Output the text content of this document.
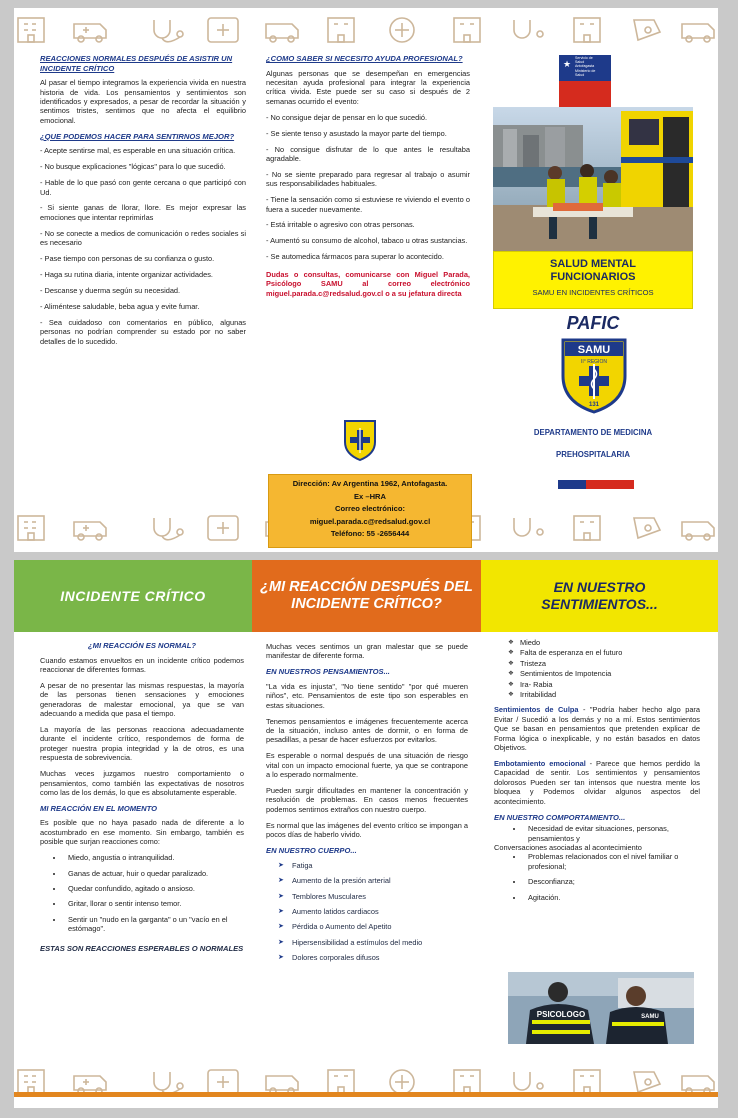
REACCIONES NORMALES DESPUÉS DE ASISTIR UN INCIDENTE CRÍTICO

Al pasar el tiempo integramos la experiencia vivida en nuestra historia de vida. Los pensamientos y sentimientos son identificados y expresados, a pesar de recordar la situación y sentimos tristes, sentimos que no afecta el equilibrio emocional.

¿QUE PODEMOS HACER PARA SENTIRNOS MEJOR?

- Acepte sentirse mal, es esperable en una situación crítica.

- No busque explicaciones "lógicas" para lo que sucedió.

- Hable de lo que pasó con gente cercana o que participó con Ud.

- Si siente ganas de llorar, llore. Es mejor expresar las emociones que intentar reprimirlas

- No se conecte a medios de comunicación o redes sociales si es necesario

- Pase tiempo con personas de su confianza o gusto.

- Haga su rutina diaria, intente organizar actividades.

- Descanse y duerma según su necesidad.

- Aliméntese saludable, beba agua y evite fumar.

- Sea cuidadoso con comentarios en público, algunas personas no podrían comprender su estado por no saber detalles de lo sucedido.

¿COMO SABER SI NECESITO AYUDA PROFESIONAL?

Algunas personas que se desempeñan en emergencias necesitan ayuda profesional para integrar la experiencia crítica vivida. Este puede ser su caso si después de 2 semanas ocurrido el evento:

- No consigue dejar de pensar en lo que sucedió.

- Se siente tenso y asustado la mayor parte del tiempo.

- No consigue disfrutar de lo que antes le resultaba agradable.

- No se siente preparado para regresar al trabajo o asumir sus responsabilidades habituales.

- Tiene la sensación como si estuviese re viviendo el evento o fuera a suceder nuevamente.

- Está irritable o agresivo con otras personas.

- Aumentó su consumo de alcohol, tabaco u otras sustancias.

- Se automedica fármacos para superar lo acontecido.

Dudas o consultas, comunicarse con Miguel Parada, Psicólogo SAMU al correo electrónico miguel.parada.c@redsalud.gov.cl o a su jefatura directa

Dirección: Av Argentina 1962, Antofagasta.
Ex –HRA
Correo electrónico:
miguel.parada.c@redsalud.gov.cl
Teléfono: 55 -2656444
★
Servicio de
Salud
Antofagasta
Ministerio de
Salud
SALUD MENTAL
FUNCIONARIOS
SAMU EN INCIDENTES CRÍTICOS
PAFIC
SAMU
II° REGION
131
DEPARTAMENTO DE MEDICINA
PREHOSPITALARIA
INCIDENTE CRÍTICO
¿MI REACCIÓN DESPUÉS DEL INCIDENTE CRÍTICO?
EN NUESTRO SENTIMIENTOS...
¿MI REACCIÓN ES NORMAL?

Cuando estamos envueltos en un incidente crítico podemos reaccionar de diferentes formas.

A pesar de no presentar las mismas respuestas, la mayoría de las personas tienen sensaciones y emociones generadoras de malestar emocional, ya que se van adecuando a medida que pasa el tiempo.

La mayoría de las personas reacciona adecuadamente durante el incidente crítico, respondemos de forma de proteger nuestra propia integridad y la de otros, es una respuesta de sobrevivencia.

Muchas veces juzgamos nuestro comportamiento o pensamientos, como también las expectativas de nosotros como las de los demás, lo que es absolutamente esperable.

MI REACCIÓN EN EL MOMENTO

Es posible que no haya pasado nada de diferente a lo acostumbrado en ese momento. Sin embargo, también es posible que surjan reacciones como:

• Miedo, angustia o intranquilidad.
• Ganas de actuar, huir o quedar paralizado.
• Quedar confundido, agitado o ansioso.
• Gritar, llorar o sentir intenso temor.
• Sentir un "nudo en la garganta" o un "vacío en el estómago".
ESTAS SON REACCIONES ESPERABLES O NORMALES

Muchas veces sentimos un gran malestar que se puede manifestar de diferente forma.

EN NUESTROS PENSAMIENTOS...

"La vida es injusta", "No tiene sentido" "por qué mueren niños", etc. Pensamientos de este tipo son esperables en estas situaciones.

Tenemos pensamientos e imágenes frecuentemente acerca de la situación, incluso antes de dormir, o en forma de pesadillas, a pesar de hacer esfuerzos por evitarlos.

Es esperable o normal después de una situación de riesgo vital con un impacto emocional fuerte, ya que se contrapone a lo esperado normalmente.

Pueden surgir dificultades en mantener la concentración y resolución de problemas. En casos menos frecuentes podemos sentirnos extraños con nuestro cuerpo.

Es normal que las imágenes del evento crítico se impongan a pocos días de haberlo vivido.

EN NUESTRO CUERPO...
➤ Fatiga
➤ Aumento de la presión arterial
➤ Temblores Musculares
➤ Aumento latidos cardiacos
➤ Pérdida o Aumento del Apetito
➤ Hipersensibilidad a estímulos del medio
➤ Dolores corporales difusos
❖ Miedo
❖ Falta de esperanza en el futuro
❖ Tristeza
❖ Sentimientos de Impotencia
❖ Ira- Rabia
❖ Irritabilidad

Sentimientos de Culpa - "Podría haber hecho algo para Evitar / Sucedió a los demás y no a mí. Estos sentimientos Que se basan en pensamientos que pretenden explicar de Forma lógica o inexplicable, y no están basados en datos Objetivos.

Embotamiento emocional - Parece que hemos perdido la Capacidad de sentir. Los sentimientos y pensamientos dolorosos Pueden ser tan intensos que nuestra mente los bloquea y Podemos olvidar algunos aspectos del acontecimiento.

EN NUESTRO COMPORTAMIENTO...
• Necesidad de evitar situaciones, personas, pensamientos y
Conversaciones asociadas al acontecimiento
• Problemas relacionados con el nivel familiar o profesional;
• Desconfianza;
• Agitación.
PSICOLOGO	SAMU
